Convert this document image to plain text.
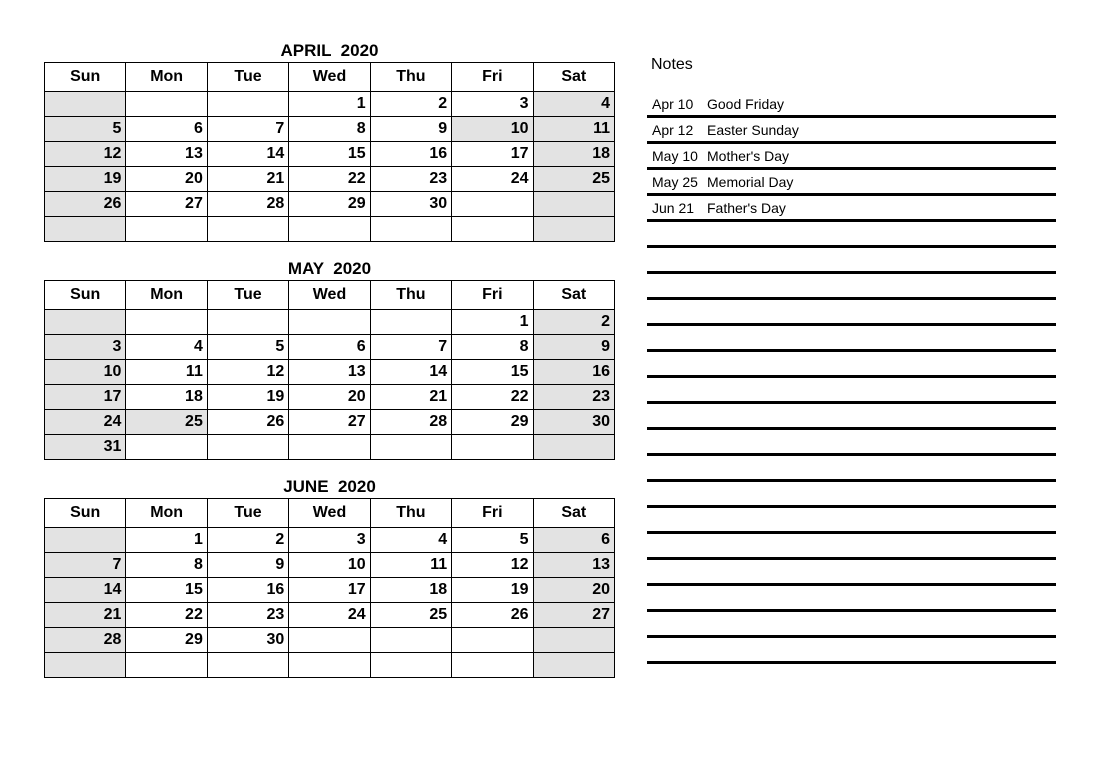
APRIL  2020
Sun	Mon	Tue	Wed	Thu	Fri	Sat
			1	2	3	4
5	6	7	8	9	10	11
12	13	14	15	16	17	18
19	20	21	22	23	24	25
26	27	28	29	30		

MAY  2020
Sun	Mon	Tue	Wed	Thu	Fri	Sat
					1	2
3	4	5	6	7	8	9
10	11	12	13	14	15	16
17	18	19	20	21	22	23
24	25	26	27	28	29	30
31						
JUNE  2020
Sun	Mon	Tue	Wed	Thu	Fri	Sat
	1	2	3	4	5	6
7	8	9	10	11	12	13
14	15	16	17	18	19	20
21	22	23	24	25	26	27
28	29	30				

Notes
Apr 10 Good Friday
Apr 12 Easter Sunday
May 10 Mother's Day
May 25 Memorial Day
Jun 21 Father's Day
